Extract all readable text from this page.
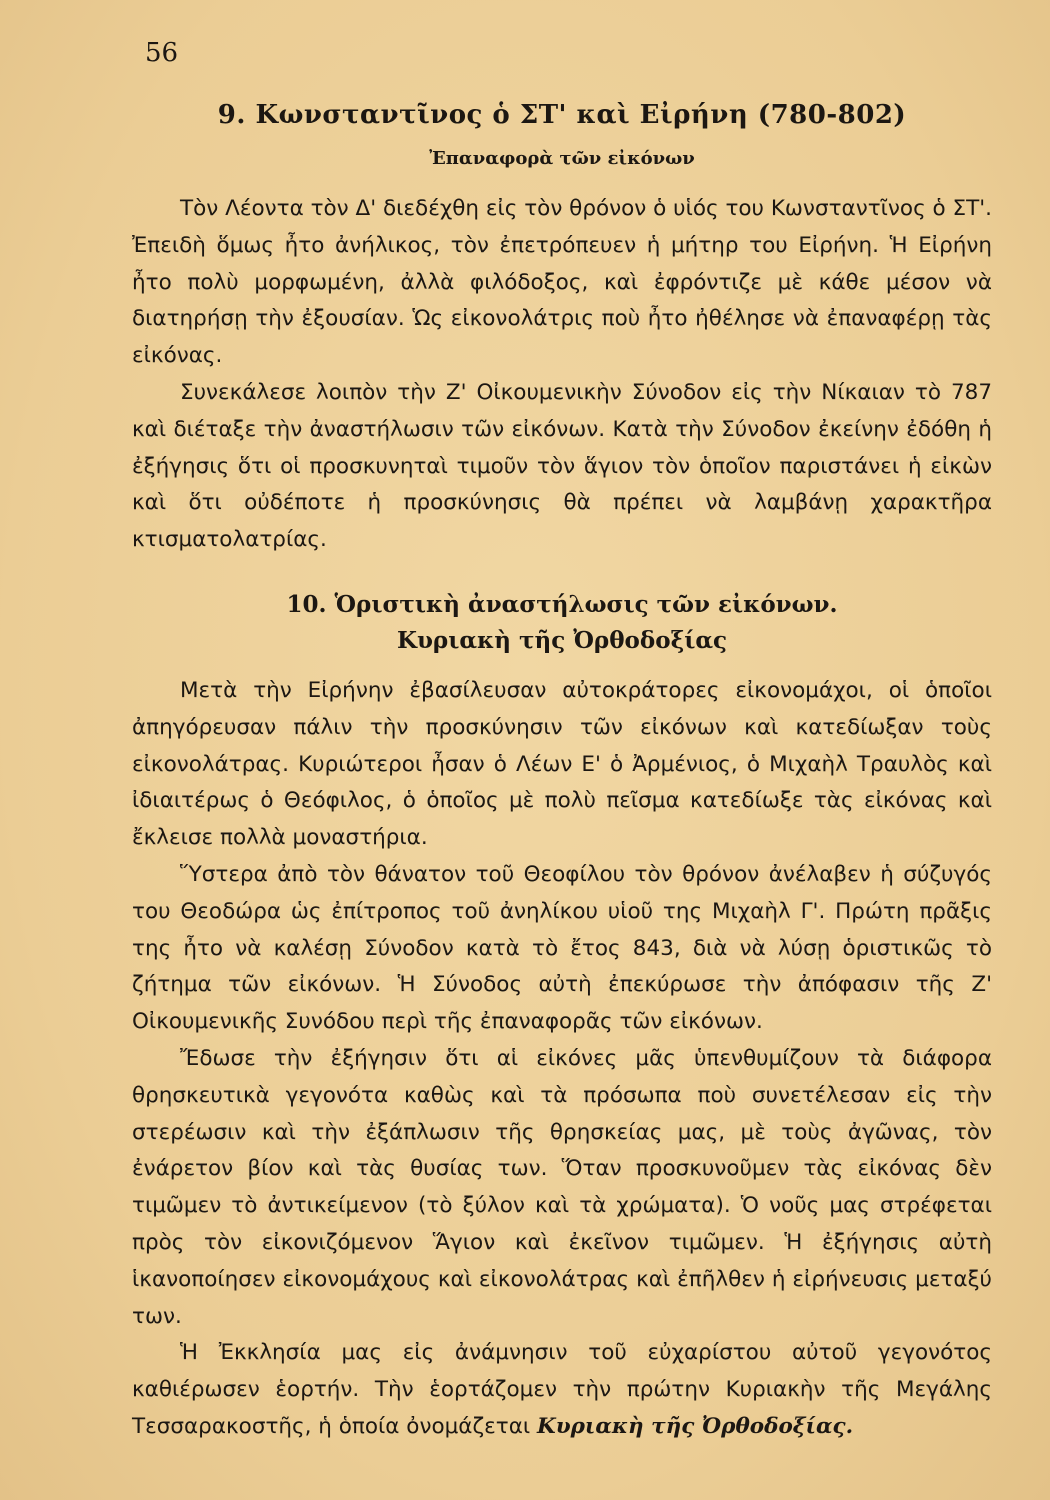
56
9. Κωνσταντῖνος ὁ ΣΤ' καὶ Εἰρήνη (780-802)
Ἐπαναφορὰ τῶν εἰκόνων

Τὸν Λέοντα τὸν Δ' διεδέχθη εἰς τὸν θρόνον ὁ υἱός του Κωνσταντῖνος ὁ ΣΤ'. Ἐπειδὴ ὅμως ἦτο ἀνήλικος, τὸν ἐπετρόπευεν ἡ μήτηρ του Εἰρήνη. Ἡ Εἰρήνη ἦτο πολὺ μορφωμένη, ἀλλὰ φιλόδοξος, καὶ ἐφρόντιζε μὲ κάθε μέσον νὰ διατηρήσῃ τὴν ἐξουσίαν. Ὡς εἰκονολάτρις ποὺ ἦτο ἠθέλησε νὰ ἐπαναφέρῃ τὰς εἰκόνας.

Συνεκάλεσε λοιπὸν τὴν Ζ' Οἰκουμενικὴν Σύνοδον εἰς τὴν Νίκαιαν τὸ 787 καὶ διέταξε τὴν ἀναστήλωσιν τῶν εἰκόνων. Κατὰ τὴν Σύνοδον ἐκείνην ἐδόθη ἡ ἐξήγησις ὅτι οἱ προσκυνηταὶ τιμοῦν τὸν ἅγιον τὸν ὁποῖον παριστάνει ἡ εἰκὼν καὶ ὅτι οὐδέποτε ἡ προσκύνησις θὰ πρέπει νὰ λαμβάνῃ χαρακτῆρα κτισματολατρίας.

10. Ὁριστικὴ ἀναστήλωσις τῶν εἰκόνων.
Κυριακὴ τῆς Ὀρθοδοξίας

Μετὰ τὴν Εἰρήνην ἐβασίλευσαν αὐτοκράτορες εἰκονομάχοι, οἱ ὁποῖοι ἀπηγόρευσαν πάλιν τὴν προσκύνησιν τῶν εἰκόνων καὶ κατεδίωξαν τοὺς εἰκονολάτρας. Κυριώτεροι ἦσαν ὁ Λέων Ε' ὁ Ἀρμένιος, ὁ Μιχαὴλ Τραυλὸς καὶ ἰδιαιτέρως ὁ Θεόφιλος, ὁ ὁποῖος μὲ πολὺ πεῖσμα κατεδίωξε τὰς εἰκόνας καὶ ἔκλεισε πολλὰ μοναστήρια.

Ὕστερα ἀπὸ τὸν θάνατον τοῦ Θεοφίλου τὸν θρόνον ἀνέλαβεν ἡ σύζυγός του Θεοδώρα ὡς ἐπίτροπος τοῦ ἀνηλίκου υἱοῦ της Μιχαὴλ Γ'. Πρώτη πρᾶξις της ἦτο νὰ καλέσῃ Σύνοδον κατὰ τὸ ἔτος 843, διὰ νὰ λύσῃ ὁριστικῶς τὸ ζήτημα τῶν εἰκόνων. Ἡ Σύνοδος αὐτὴ ἐπεκύρωσε τὴν ἀπόφασιν τῆς Ζ' Οἰκουμενικῆς Συνόδου περὶ τῆς ἐπαναφορᾶς τῶν εἰκόνων.

Ἔδωσε τὴν ἐξήγησιν ὅτι αἱ εἰκόνες μᾶς ὑπενθυμίζουν τὰ διάφορα θρησκευτικὰ γεγονότα καθὼς καὶ τὰ πρόσωπα ποὺ συνετέλεσαν εἰς τὴν στερέωσιν καὶ τὴν ἐξάπλωσιν τῆς θρησκείας μας, μὲ τοὺς ἀγῶνας, τὸν ἐνάρετον βίον καὶ τὰς θυσίας των. Ὅταν προσκυνοῦμεν τὰς εἰκόνας δὲν τιμῶμεν τὸ ἀντικείμενον (τὸ ξύλον καὶ τὰ χρώματα). Ὁ νοῦς μας στρέφεται πρὸς τὸν εἰκονιζόμενον Ἅγιον καὶ ἐκεῖνον τιμῶμεν. Ἡ ἐξήγησις αὐτὴ ἱκανοποίησεν εἰκονομάχους καὶ εἰκονολάτρας καὶ ἐπῆλθεν ἡ εἰρήνευσις μεταξύ των.

Ἡ Ἐκκλησία μας εἰς ἀνάμνησιν τοῦ εὐχαρίστου αὐτοῦ γεγονότος καθιέρωσεν ἑορτήν. Τὴν ἑορτάζομεν τὴν πρώτην Κυριακὴν τῆς Μεγάλης Τεσσαρακοστῆς, ἡ ὁποία ὀνομάζεται Κυριακὴ τῆς Ὀρθοδοξίας.
